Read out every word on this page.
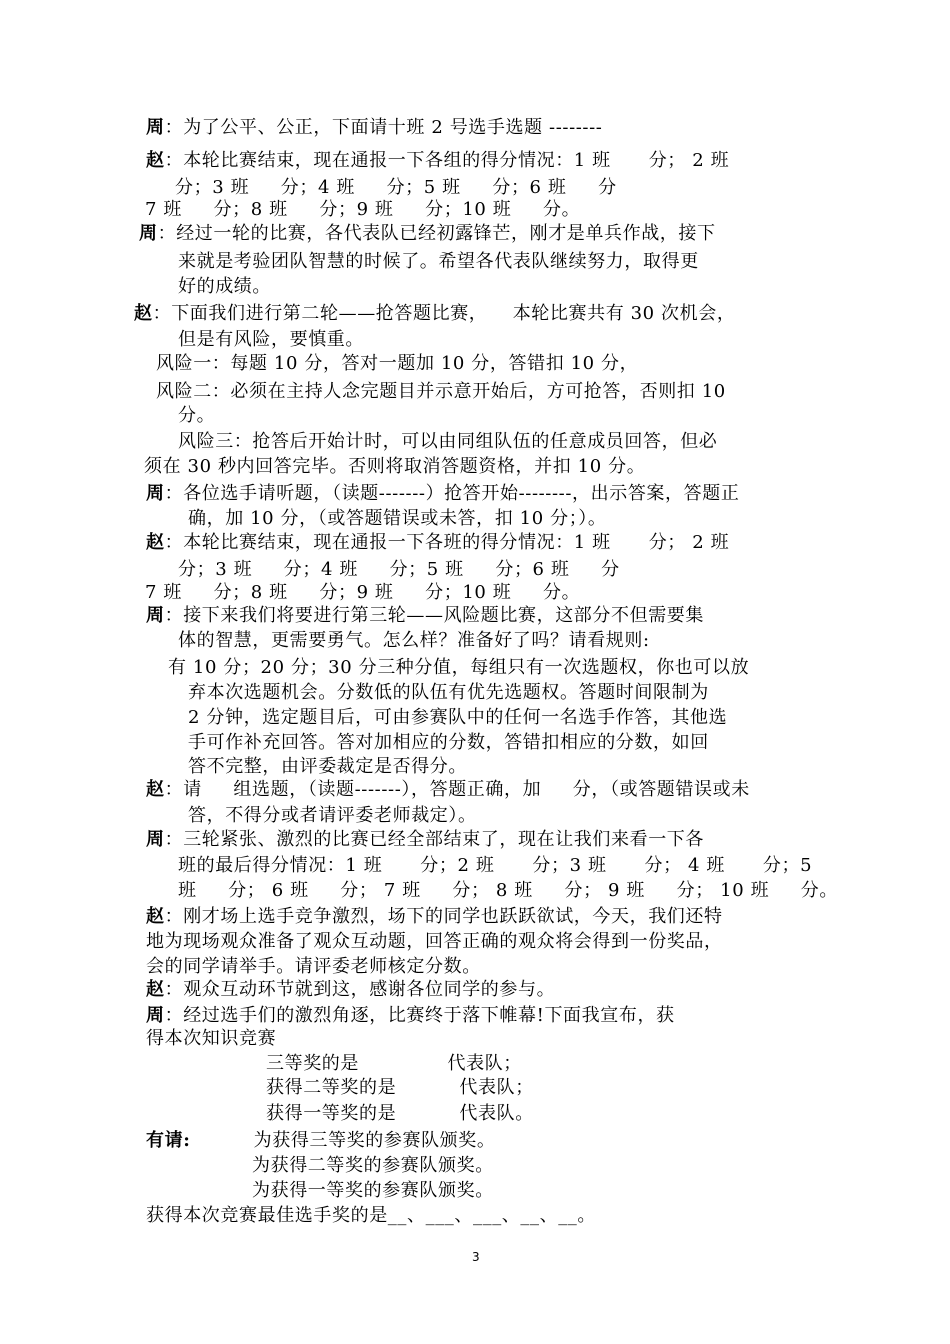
周：为了公平、公正，下面请十班 2 号选手选题 --------
赵：本轮比赛结束，现在通报一下各组的得分情况：1 班      分； 2 班
分；3 班     分；4 班     分；5 班     分；6 班     分
7 班     分；8 班     分；9 班     分；10 班     分。
周：经过一轮的比赛，各代表队已经初露锋芒，刚才是单兵作战，接下
来就是考验团队智慧的时候了。希望各代表队继续努力，取得更
好的成绩。
赵：下面我们进行第二轮——抢答题比赛，    本轮比赛共有 30 次机会，
但是有风险，要慎重。
风险一：每题 10 分，答对一题加 10 分，答错扣 10 分，
风险二：必须在主持人念完题目并示意开始后，方可抢答，否则扣 10
分。
风险三：抢答后开始计时，可以由同组队伍的任意成员回答，但必
须在 30 秒内回答完毕。否则将取消答题资格，并扣 10 分。
周：各位选手请听题，（读题-------）抢答开始--------，出示答案，答题正
确，加 10 分，（或答题错误或未答，扣 10 分；）。
赵：本轮比赛结束，现在通报一下各班的得分情况：1 班      分； 2 班
分；3 班     分；4 班     分；5 班     分；6 班     分
7 班     分；8 班     分；9 班     分；10 班     分。
周：接下来我们将要进行第三轮——风险题比赛，这部分不但需要集
体的智慧，更需要勇气。怎么样？准备好了吗？请看规则:
有 10 分；20 分；30 分三种分值，每组只有一次选题权，你也可以放
弃本次选题机会。分数低的队伍有优先选题权。答题时间限制为
2 分钟，选定题目后，可由参赛队中的任何一名选手作答，其他选
手可作补充回答。答对加相应的分数，答错扣相应的分数，如回
答不完整，由评委裁定是否得分。
赵：请     组选题，（读题-------），答题正确，加     分，（或答题错误或未
答，不得分或者请评委老师裁定）。
周：三轮紧张、激烈的比赛已经全部结束了，现在让我们来看一下各
班的最后得分情况：1 班      分；2 班      分；3 班      分； 4 班      分；5
班     分； 6 班     分； 7 班     分； 8 班     分； 9 班     分； 10 班     分。
赵：刚才场上选手竞争激烈，场下的同学也跃跃欲试，今天，我们还特
地为现场观众准备了观众互动题，回答正确的观众将会得到一份奖品，
会的同学请举手。请评委老师核定分数。
赵：观众互动环节就到这，感谢各位同学的参与。
周：经过选手们的激烈角逐，比赛终于落下帷幕!下面我宣布，获
得本次知识竞赛
三等奖的是              代表队；
获得二等奖的是          代表队；
获得一等奖的是          代表队。
有请:          为获得三等奖的参赛队颁奖。
为获得二等奖的参赛队颁奖。
为获得一等奖的参赛队颁奖。
获得本次竞赛最佳选手奖的是__、___、___、__、__。
3
